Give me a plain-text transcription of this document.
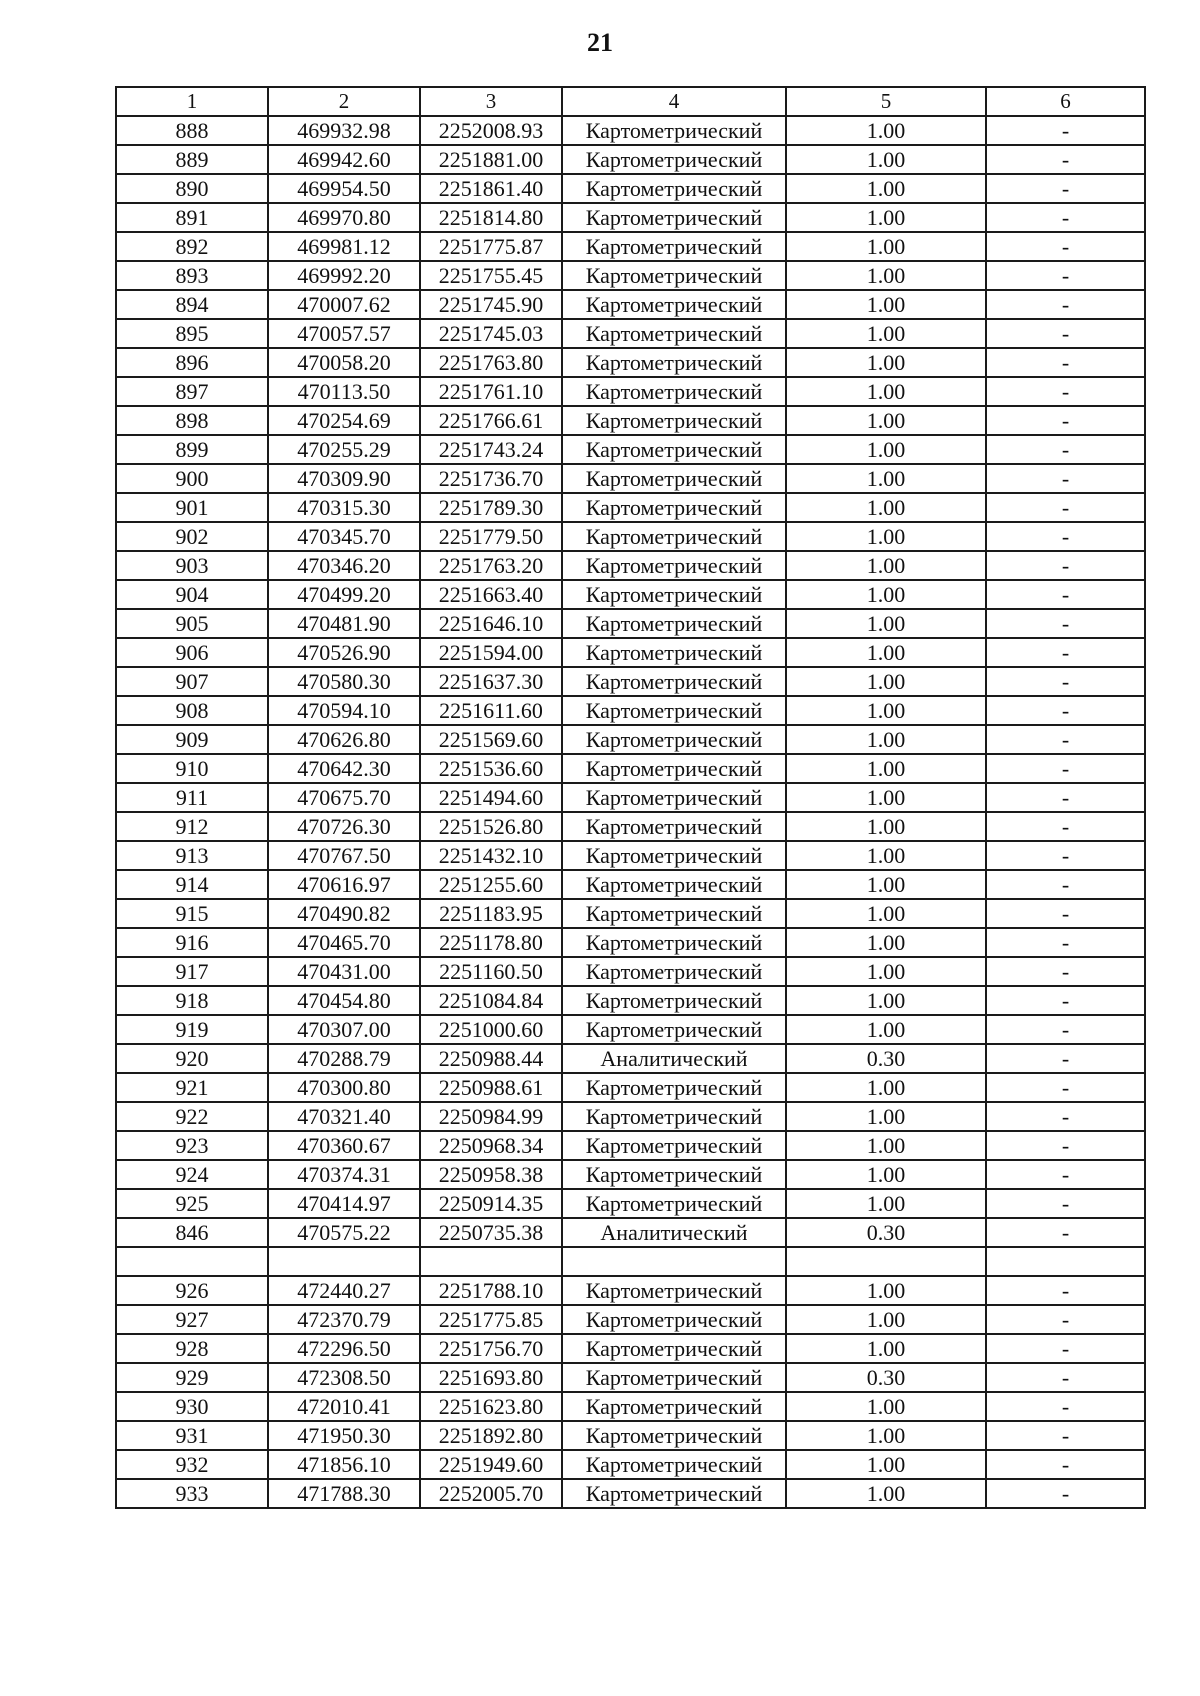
21
1	2	3	4	5	6
888	469932.98	2252008.93	Картометрический	1.00	-
889	469942.60	2251881.00	Картометрический	1.00	-
890	469954.50	2251861.40	Картометрический	1.00	-
891	469970.80	2251814.80	Картометрический	1.00	-
892	469981.12	2251775.87	Картометрический	1.00	-
893	469992.20	2251755.45	Картометрический	1.00	-
894	470007.62	2251745.90	Картометрический	1.00	-
895	470057.57	2251745.03	Картометрический	1.00	-
896	470058.20	2251763.80	Картометрический	1.00	-
897	470113.50	2251761.10	Картометрический	1.00	-
898	470254.69	2251766.61	Картометрический	1.00	-
899	470255.29	2251743.24	Картометрический	1.00	-
900	470309.90	2251736.70	Картометрический	1.00	-
901	470315.30	2251789.30	Картометрический	1.00	-
902	470345.70	2251779.50	Картометрический	1.00	-
903	470346.20	2251763.20	Картометрический	1.00	-
904	470499.20	2251663.40	Картометрический	1.00	-
905	470481.90	2251646.10	Картометрический	1.00	-
906	470526.90	2251594.00	Картометрический	1.00	-
907	470580.30	2251637.30	Картометрический	1.00	-
908	470594.10	2251611.60	Картометрический	1.00	-
909	470626.80	2251569.60	Картометрический	1.00	-
910	470642.30	2251536.60	Картометрический	1.00	-
911	470675.70	2251494.60	Картометрический	1.00	-
912	470726.30	2251526.80	Картометрический	1.00	-
913	470767.50	2251432.10	Картометрический	1.00	-
914	470616.97	2251255.60	Картометрический	1.00	-
915	470490.82	2251183.95	Картометрический	1.00	-
916	470465.70	2251178.80	Картометрический	1.00	-
917	470431.00	2251160.50	Картометрический	1.00	-
918	470454.80	2251084.84	Картометрический	1.00	-
919	470307.00	2251000.60	Картометрический	1.00	-
920	470288.79	2250988.44	Аналитический	0.30	-
921	470300.80	2250988.61	Картометрический	1.00	-
922	470321.40	2250984.99	Картометрический	1.00	-
923	470360.67	2250968.34	Картометрический	1.00	-
924	470374.31	2250958.38	Картометрический	1.00	-
925	470414.97	2250914.35	Картометрический	1.00	-
846	470575.22	2250735.38	Аналитический	0.30	-

926	472440.27	2251788.10	Картометрический	1.00	-
927	472370.79	2251775.85	Картометрический	1.00	-
928	472296.50	2251756.70	Картометрический	1.00	-
929	472308.50	2251693.80	Картометрический	0.30	-
930	472010.41	2251623.80	Картометрический	1.00	-
931	471950.30	2251892.80	Картометрический	1.00	-
932	471856.10	2251949.60	Картометрический	1.00	-
933	471788.30	2252005.70	Картометрический	1.00	-
